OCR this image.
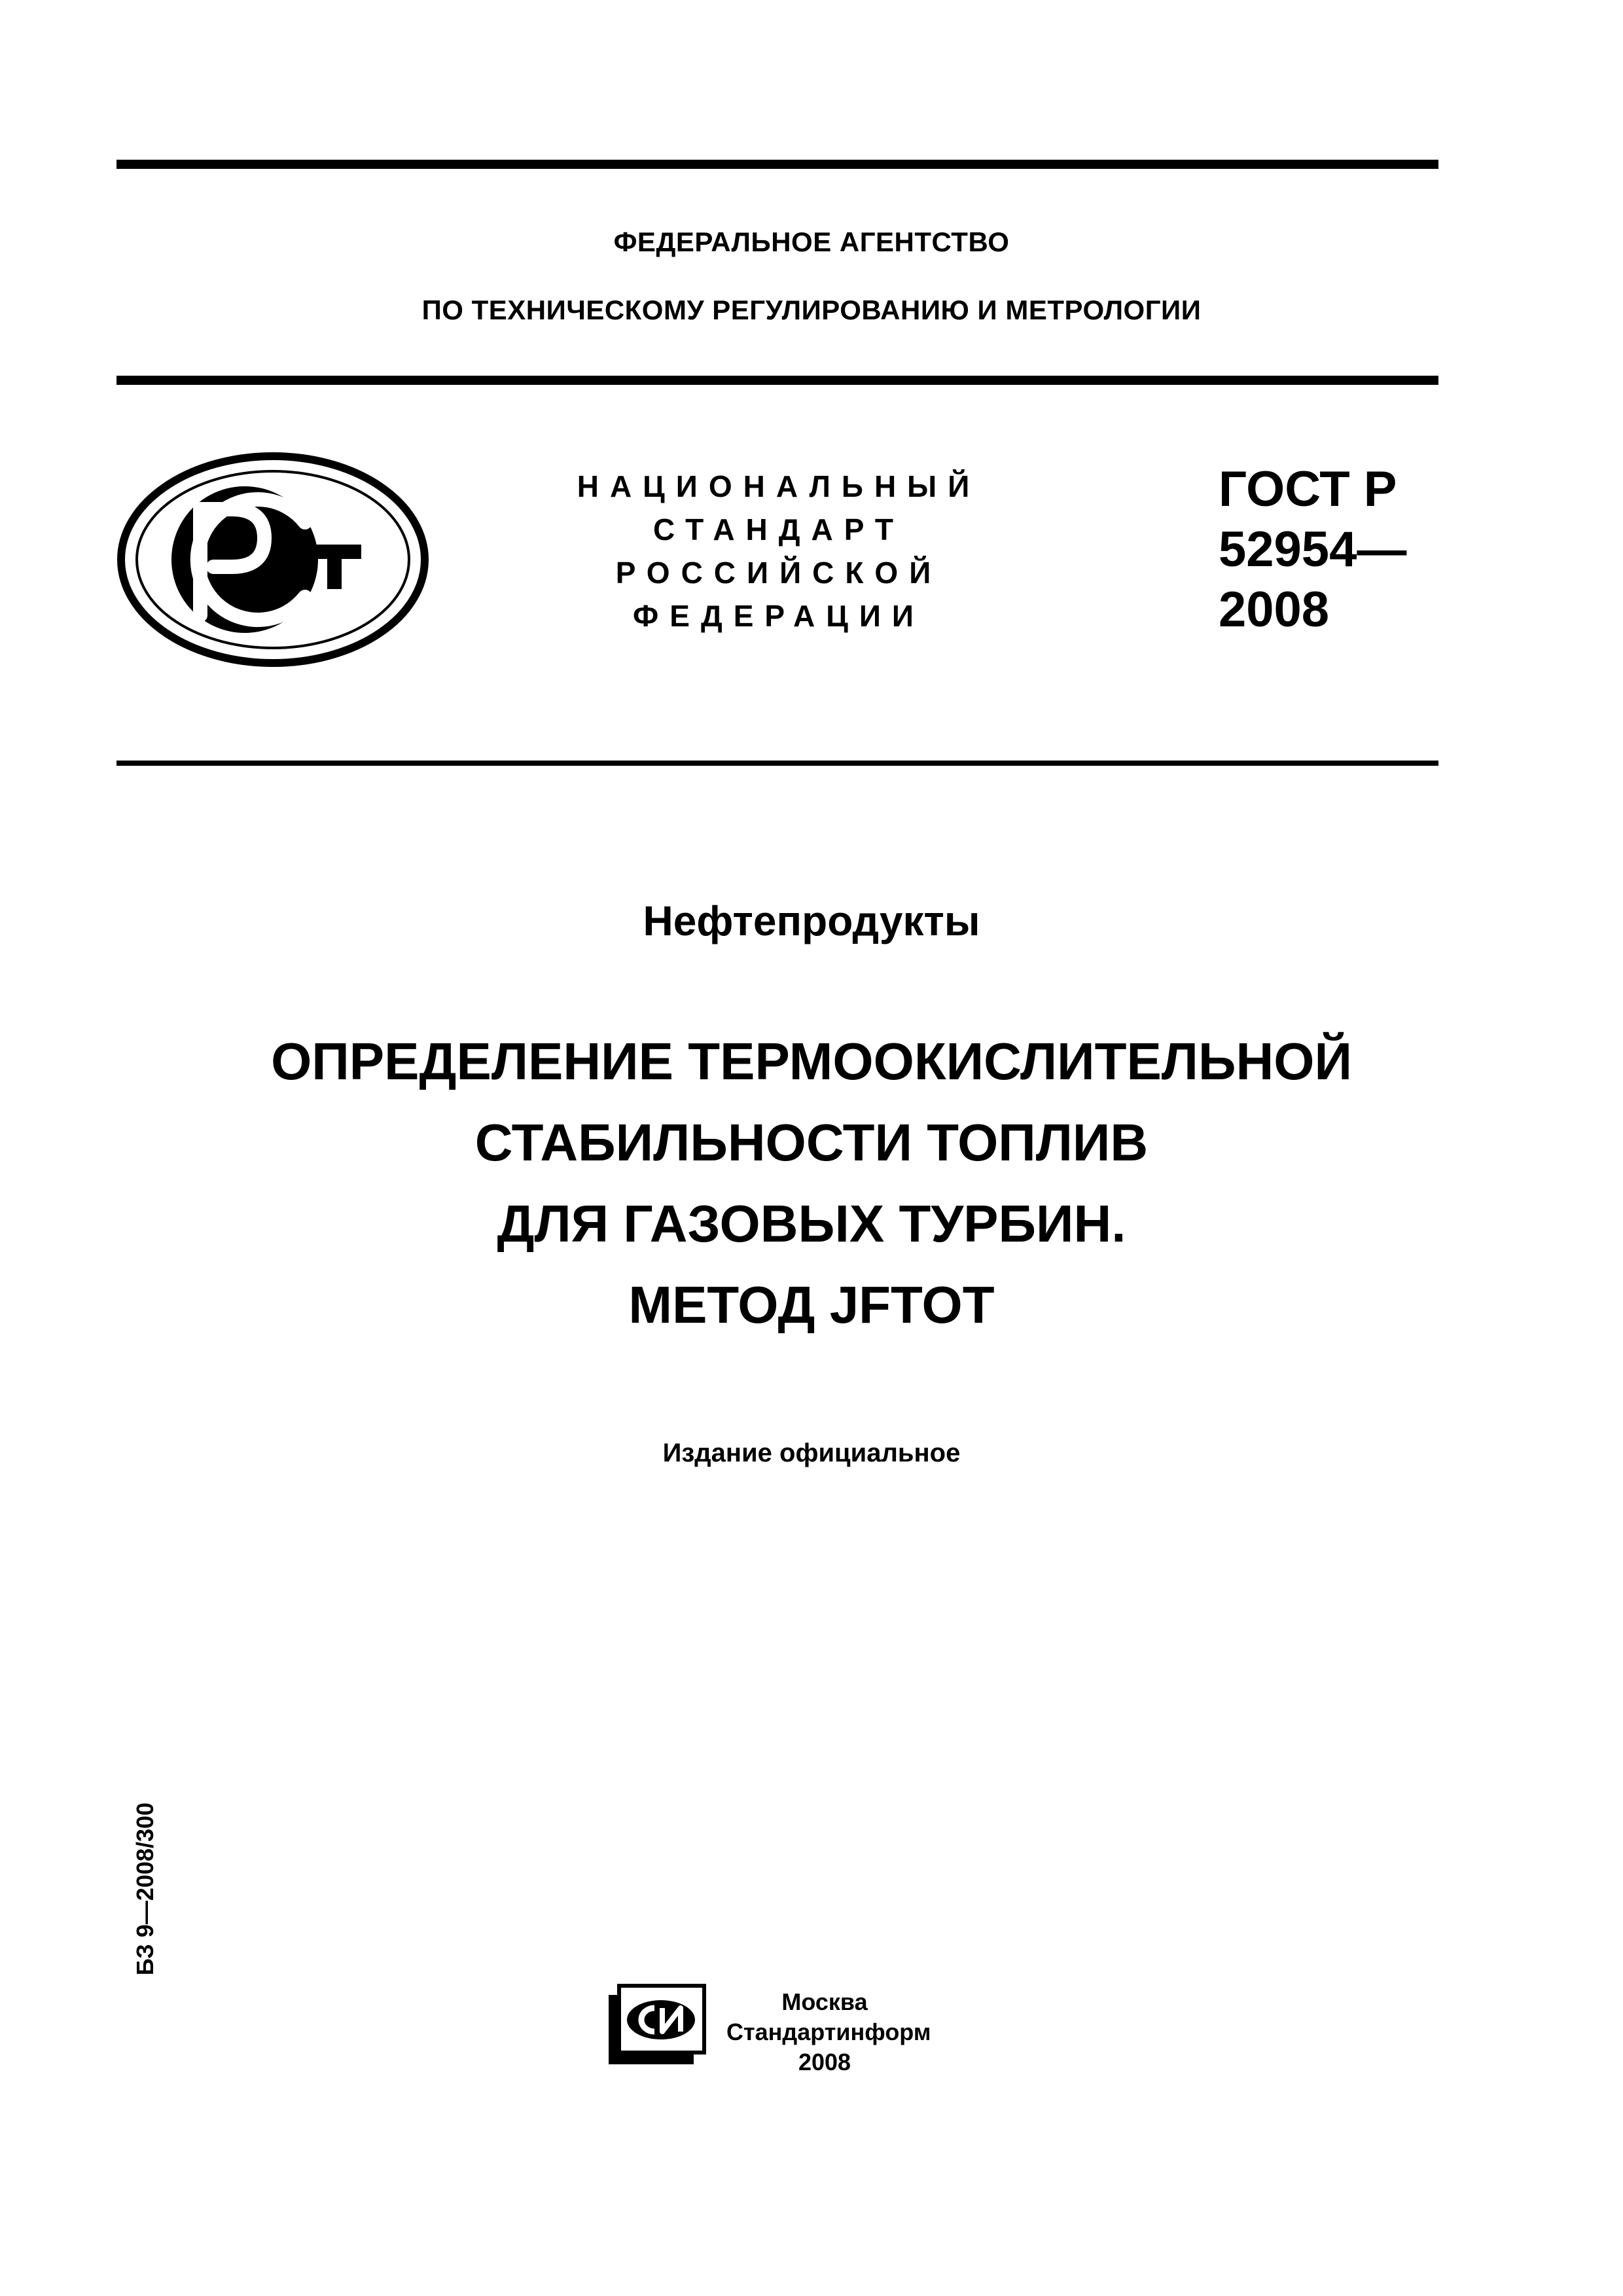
ФЕДЕРАЛЬНОЕ АГЕНТСТВО
ПО ТЕХНИЧЕСКОМУ РЕГУЛИРОВАНИЮ И МЕТРОЛОГИИ
НАЦИОНАЛЬНЫЙ
СТАНДАРТ
РОССИЙСКОЙ
ФЕДЕРАЦИИ
ГОСТ Р
52954—
2008
Нефтепродукты
ОПРЕДЕЛЕНИЕ ТЕРМООКИСЛИТЕЛЬНОЙ
СТАБИЛЬНОСТИ ТОПЛИВ
ДЛЯ ГАЗОВЫХ ТУРБИН.
МЕТОД JFTOT
Издание официальное
БЗ 9—2008/300
Москва
Стандартинформ
2008
